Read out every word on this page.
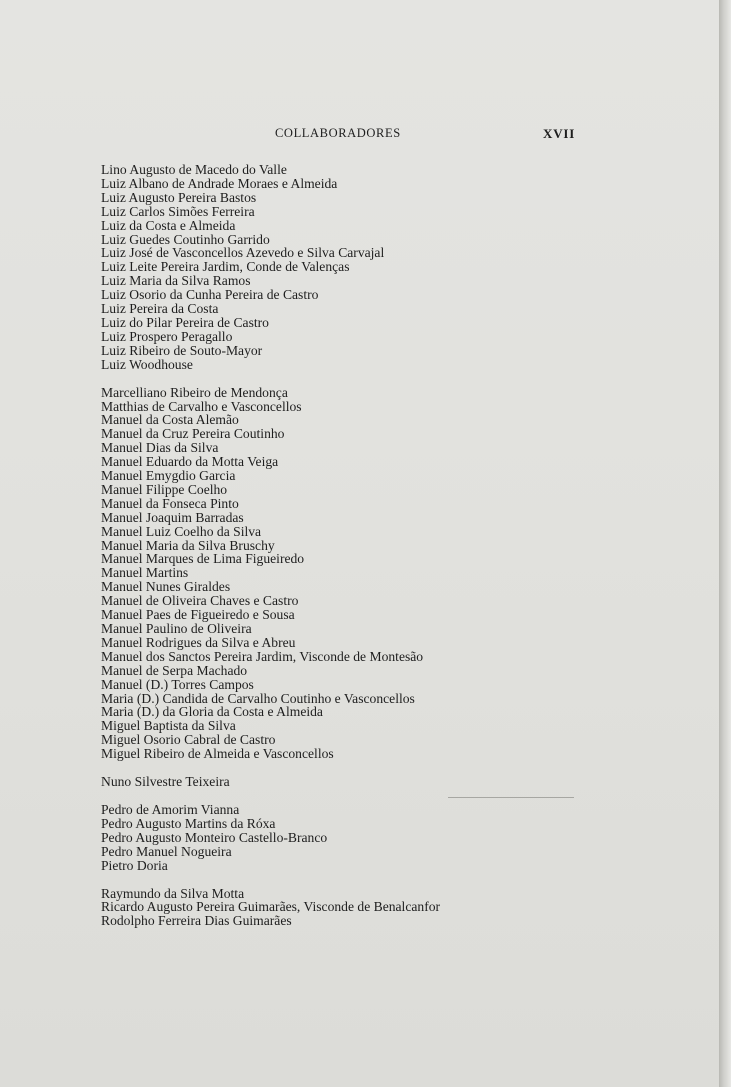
COLLABORADORES	XVII
Lino Augusto de Macedo do Valle
Luiz Albano de Andrade Moraes e Almeida
Luiz Augusto Pereira Bastos
Luiz Carlos Simões Ferreira
Luiz da Costa e Almeida
Luiz Guedes Coutinho Garrido
Luiz José de Vasconcellos Azevedo e Silva Carvajal
Luiz Leite Pereira Jardim, Conde de Valenças
Luiz Maria da Silva Ramos
Luiz Osorio da Cunha Pereira de Castro
Luiz Pereira da Costa
Luiz do Pilar Pereira de Castro
Luiz Prospero Peragallo
Luiz Ribeiro de Souto-Mayor
Luiz Woodhouse
Marcelliano Ribeiro de Mendonça
Matthias de Carvalho e Vasconcellos
Manuel da Costa Alemão
Manuel da Cruz Pereira Coutinho
Manuel Dias da Silva
Manuel Eduardo da Motta Veiga
Manuel Emygdio Garcia
Manuel Filippe Coelho
Manuel da Fonseca Pinto
Manuel Joaquim Barradas
Manuel Luiz Coelho da Silva
Manuel Maria da Silva Bruschy
Manuel Marques de Lima Figueiredo
Manuel Martins
Manuel Nunes Giraldes
Manuel de Oliveira Chaves e Castro
Manuel Paes de Figueiredo e Sousa
Manuel Paulino de Oliveira
Manuel Rodrigues da Silva e Abreu
Manuel dos Sanctos Pereira Jardim, Visconde de Montesão
Manuel de Serpa Machado
Manuel (D.) Torres Campos
Maria (D.) Candida de Carvalho Coutinho e Vasconcellos
Maria (D.) da Gloria da Costa e Almeida
Miguel Baptista da Silva
Miguel Osorio Cabral de Castro
Miguel Ribeiro de Almeida e Vasconcellos
Nuno Silvestre Teixeira
Pedro de Amorim Vianna
Pedro Augusto Martins da Róxa
Pedro Augusto Monteiro Castello-Branco
Pedro Manuel Nogueira
Pietro Doria
Raymundo da Silva Motta
Ricardo Augusto Pereira Guimarães, Visconde de Benalcanfor
Rodolpho Ferreira Dias Guimarães
